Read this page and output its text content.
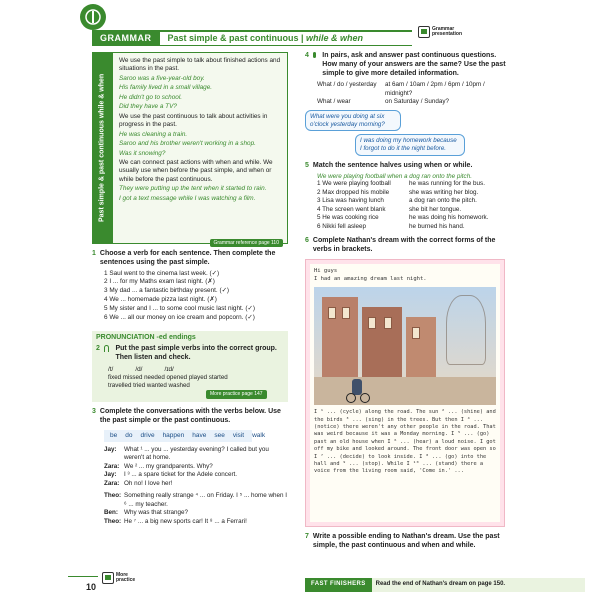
GRAMMAR	Past simple & past continuous | while & when
Grammar
presentation
Past simple & past continuous while & when

We use the past simple to talk about finished actions and situations in the past.

Saroo was a five-year-old boy.

His family lived in a small village.

He didn't go to school.

Did they have a TV?

We use the past continuous to talk about activities in progress in the past.

He was cleaning a train.

Saroo and his brother weren't working in a shop.

Was it snowing?

We can connect past actions with when and while. We usually use when before the past simple, and when or while before the past continuous.

They were putting up the tent when it started to rain.

I got a text message while I was watching a film.

Grammar reference page 110
1 Choose a verb for each sentence. Then complete the sentences using the past simple.
1 Saul went to the cinema last week. (✓)
2 I ... for my Maths exam last night. (✗)
3 My dad ... a fantastic birthday present. (✓)
4 We ... homemade pizza last night. (✗)
5 My sister and I ... to some cool music last night. (✓)
6 We ... all our money on ice cream and popcorn. (✓)
PRONUNCIATION -ed endings
2 Put the past simple verbs into the correct group. Then listen and check.
/t/	/d/	/ɪd/
fixed missed needed opened played started
travelled tried wanted washed
More practice page 147
3 Complete the conversations with the verbs below. Use the past simple or the past continuous.
be do drive happen have see visit walk
Jay:	What ¹ ... you ... yesterday evening? I called but you weren't at home.
Zara: We ² ... my grandparents. Why?
Jay:	I ³ ... a spare ticket for the Adele concert.
Zara: Oh no! I love her!
Theo: Something really strange ⁴ ... on Friday. I ⁵ ... home when I ⁶ ... my teacher.
Ben: Why was that strange?
Theo: He ⁷ ... a big new sports car! It ⁸ ... a Ferrari!
10
More
practice
4 In pairs, ask and answer past continuous questions. How many of your answers are the same? Use the past simple to give more detailed information.
What / do / yesterday	at 6am / 10am / 2pm / 6pm / 10pm / midnight?
What / wear	on Saturday / Sunday?
What were you doing at six o'clock yesterday morning?
I was doing my homework because I forgot to do it the night before.
5 Match the sentence halves using when or while.
We were playing football when a dog ran onto the pitch.
1 We were playing football	he was running for the bus.
2 Max dropped his mobile	she was writing her blog.
3 Lisa was having lunch	a dog ran onto the pitch.
4 The screen went blank	she bit her tongue.
5 He was cooking rice	he was doing his homework.
6 Nikki fell asleep	he burned his hand.
6 Complete Nathan's dream with the correct forms of the verbs in brackets.
Hi guys
I had an amazing dream last night.
I ¹ ... (cycle) along the road. The sun ² ... (shine) and the birds ³ ... (sing) in the trees. But then I ⁴ ... (notice) there weren't any other people in the road. That was weird because it was a Monday morning. I ⁵ ... (go) past an old house when I ⁶ ... (hear) a loud noise. I got off my bike and looked around. The front door was open so I ⁷ ... (decide) to look inside. I ⁸ ... (go) into the hall and ⁹ ... (stop). While I ¹⁰ ... (stand) there a voice from the living room said, 'Come in.' ...
7 Write a possible ending to Nathan's dream. Use the past simple, the past continuous and when and while.
FAST FINISHERS	Read the end of Nathan's dream on page 150.
